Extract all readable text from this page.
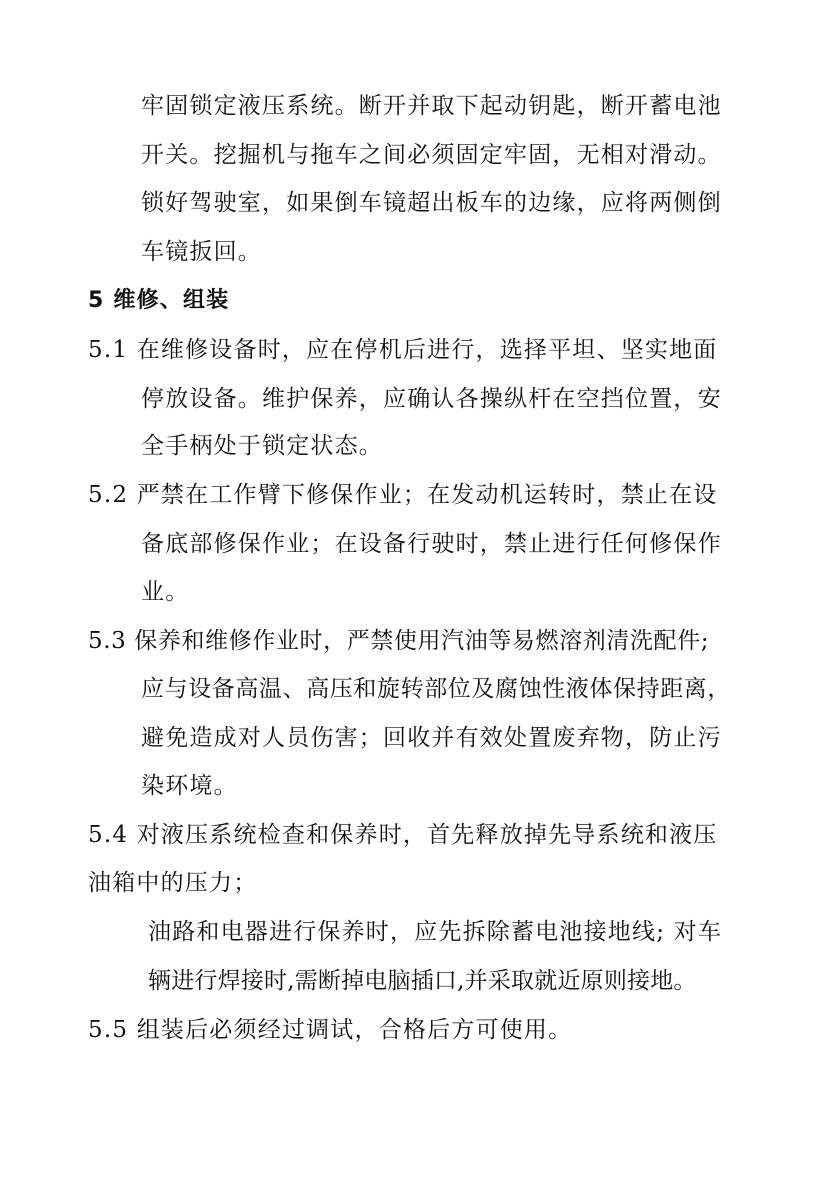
牢固锁定液压系统。断开并取下起动钥匙，断开蓄电池
开关。挖掘机与拖车之间必须固定牢固，无相对滑动。
锁好驾驶室，如果倒车镜超出板车的边缘，应将两侧倒
车镜扳回。
5 维修、组装
5.1 在维修设备时，应在停机后进行，选择平坦、坚实地面
停放设备。维护保养，应确认各操纵杆在空挡位置，安
全手柄处于锁定状态。
5.2 严禁在工作臂下修保作业；在发动机运转时，禁止在设
备底部修保作业；在设备行驶时，禁止进行任何修保作
业。
5.3 保养和维修作业时，严禁使用汽油等易燃溶剂清洗配件;
应与设备高温、高压和旋转部位及腐蚀性液体保持距离，
避免造成对人员伤害；回收并有效处置废弃物，防止污
染环境。
5.4 对液压系统检查和保养时，首先释放掉先导系统和液压
油箱中的压力；
油路和电器进行保养时，应先拆除蓄电池接地线; 对车
辆进行焊接时,需断掉电脑插口,并采取就近原则接地。
5.5 组装后必须经过调试，合格后方可使用。
